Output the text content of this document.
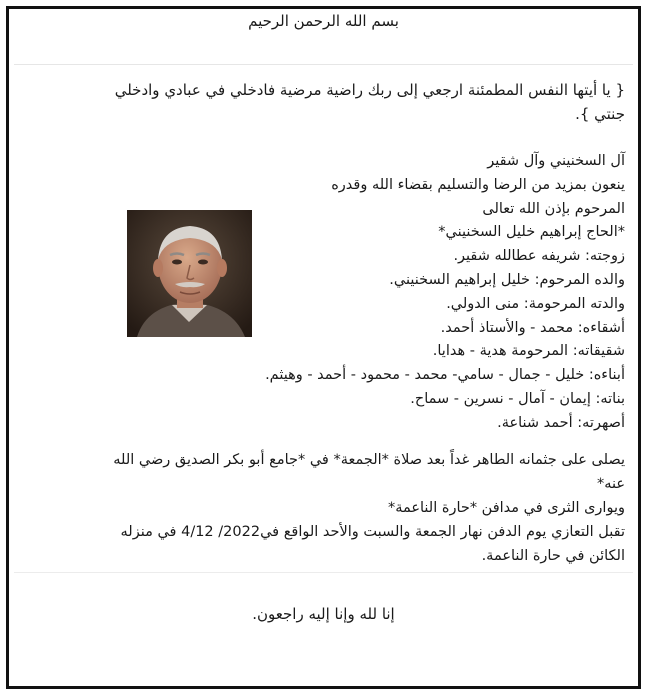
بسم الله الرحمن الرحيم
{ يا أيتها النفس المطمئنة ارجعي إلى ربك راضية مرضية فادخلي في عبادي وادخلي جنتي }.
آل السخنيني وآل شقير
ينعون بمزيد من الرضا والتسليم بقضاء الله وقدره
المرحوم بإذن الله تعالى
*الحاج إبراهيم خليل السخنيني*
زوجته: شريفه عطالله شقير.
والده المرحوم: خليل إبراهيم السخنيني.
والدته المرحومة: منى الدولي.
أشقاءه: محمد - والأستاذ أحمد.
شقيقاته: المرحومة هدية - هدايا.
أبناءه: خليل - جمال - سامي- محمد - محمود - أحمد - وهيثم.
بناته: إيمان - آمال - نسرين - سماح.
أصهرته: أحمد شناعة.
يصلى على جثمانه الطاهر غداً بعد صلاة *الجمعة* في *جامع أبو بكر الصديق رضي الله عنه*
ويوارى الثرى في مدافن *حارة الناعمة*
تقبل التعازي يوم الدفن نهار الجمعة والسبت والأحد الواقع في2022/ 4/12 في منزله الكائن في حارة الناعمة.
إنا لله وإنا إليه راجعون.
